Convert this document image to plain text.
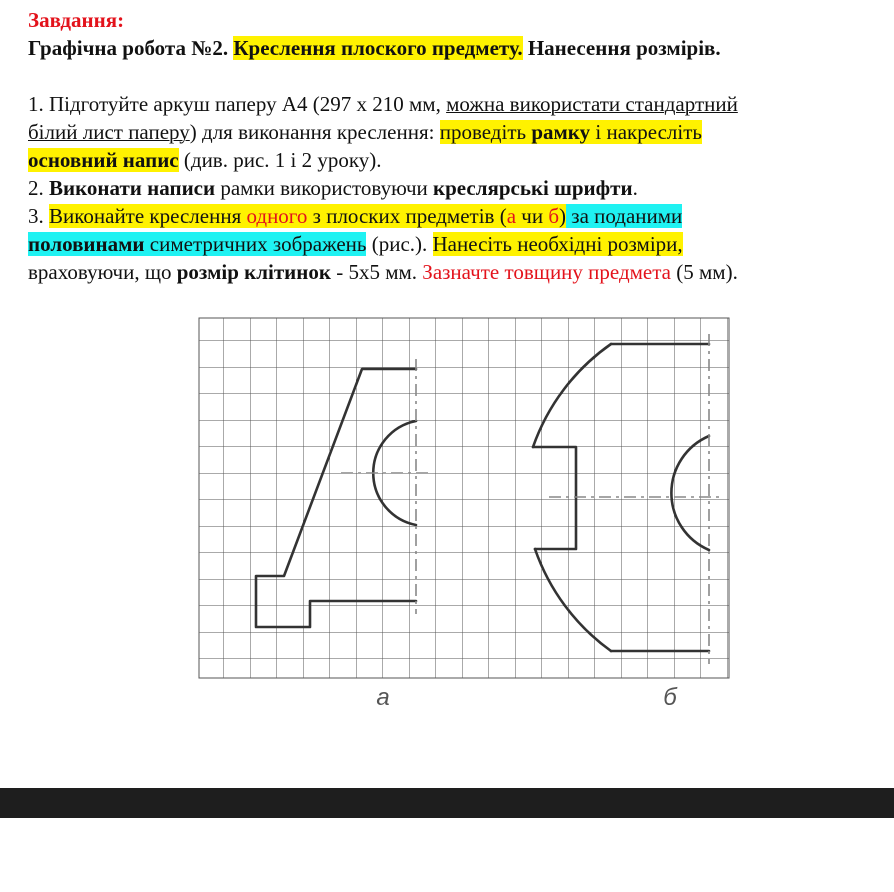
Завдання:

Графічна робота №2. Креслення плоского предмету. Нанесення розмірів.

1. Підготуйте аркуш паперу А4 (297 х 210 мм, можна використати стандартний

білий лист паперу) для виконання креслення: проведіть рамку і накресліть

основний напис (див. рис. 1 і 2 уроку).

2. Виконати написи рамки використовуючи креслярські шрифти.

3. Виконайте креслення одного з плоских предметів (а чи б) за поданими

половинами симетричних зображень (рис.). Нанесіть необхідні розміри,

враховуючи, що розмір клітинок - 5х5 мм. Зазначте товщину предмета (5 мм).

а	б
